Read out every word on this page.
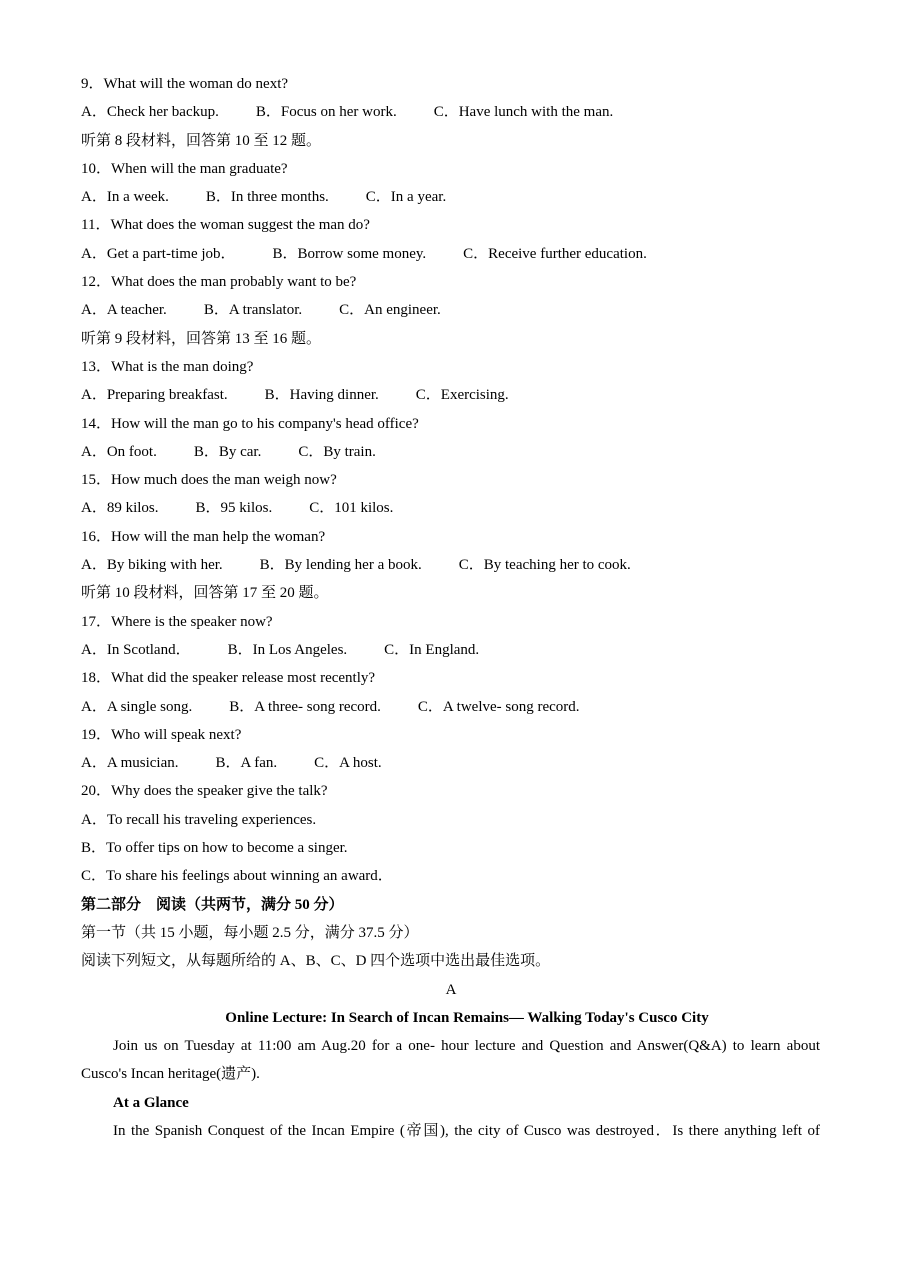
9．What will the woman do next?
A．Check her backup. B．Focus on her work. C．Have lunch with the man.
听第 8 段材料，回答第 10 至 12 题。
10．When will the man graduate?
A．In a week. B．In three months. C．In a year.
11．What does the woman suggest the man do?
A．Get a part-time job． B．Borrow some money. C．Receive further education.
12．What does the man probably want to be?
A．A teacher. B．A translator. C．An engineer.
听第 9 段材料，回答第 13 至 16 题。
13．What is the man doing?
A．Preparing breakfast. B．Having dinner. C．Exercising.
14．How will the man go to his company's head office?
A．On foot. B．By car. C．By train.
15．How much does the man weigh now?
A．89 kilos. B．95 kilos. C．101 kilos.
16．How will the man help the woman?
A．By biking with her. B．By lending her a book. C．By teaching her to cook.
听第 10 段材料，回答第 17 至 20 题。
17．Where is the speaker now?
A．In Scotland． B．In Los Angeles. C．In England.
18．What did the speaker release most recently?
A．A single song. B．A three- song record. C．A twelve- song record.
19．Who will speak next?
A．A musician. B．A fan. C．A host.
20．Why does the speaker give the talk?
A．To recall his traveling experiences.
B．To offer tips on how to become a singer.
C．To share his feelings about winning an award．
第二部分　阅读（共两节，满分 50 分）
第一节（共 15 小题，每小题 2.5 分，满分 37.5 分）
阅读下列短文，从每题所给的 A、B、C、D 四个选项中选出最佳选项。
A
Online Lecture: In Search of Incan Remains— Walking Today's Cusco City
Join us on Tuesday at 11:00 am Aug.20 for a one- hour lecture and Question and Answer(Q&A) to learn about
Cusco's Incan heritage(遗产).
At a Glance
In the Spanish Conquest of the Incan Empire (帝国), the city of Cusco was destroyed．Is there anything left of
